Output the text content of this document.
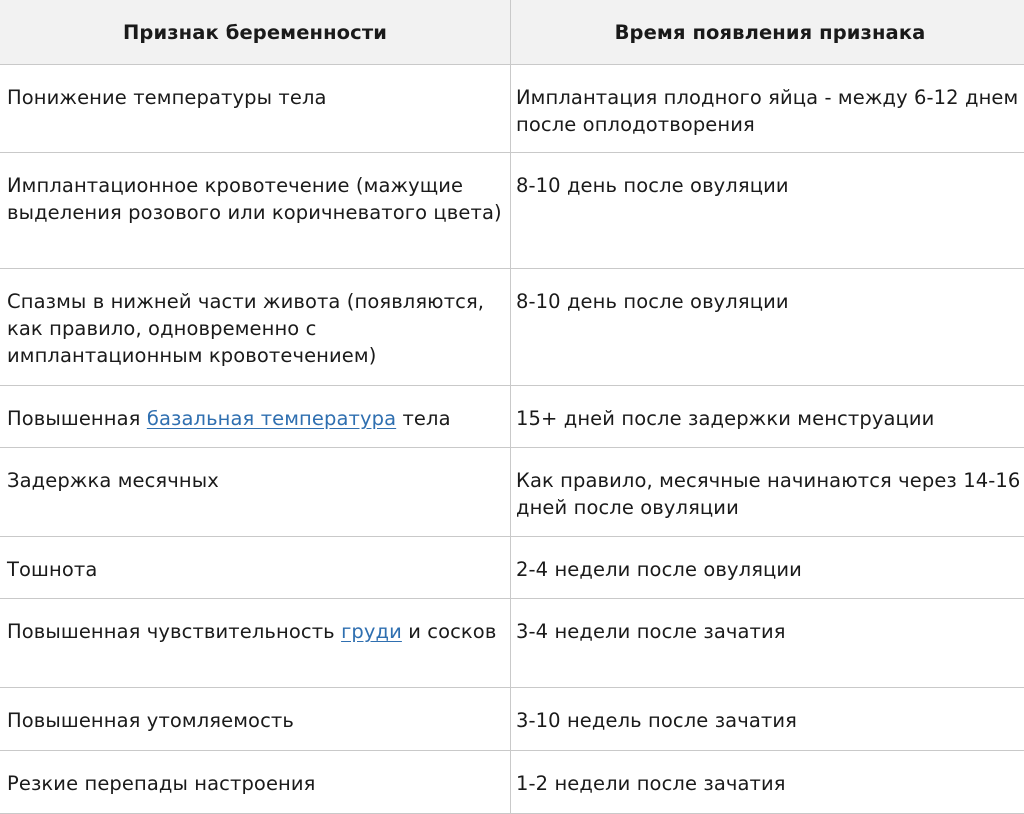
Признак беременности	Время появления признака
Понижение температуры тела	Имплантация плодного яйца - между 6-12 днем после оплодотворения
Имплантационное кровотечение (мажущие выделения розового или коричневатого цвета)	8-10 день после овуляции
Спазмы в нижней части живота (появляются, как правило, одновременно с имплантационным кровотечением)	8-10 день после овуляции
Повышенная базальная температура тела	15+ дней после задержки менструации
Задержка месячных	Как правило, месячные начинаются через 14-16 дней после овуляции
Тошнота	2-4 недели после овуляции
Повышенная чувствительность груди и сосков	3-4 недели после зачатия
Повышенная утомляемость	3-10 недель после зачатия
Резкие перепады настроения	1-2 недели после зачатия
